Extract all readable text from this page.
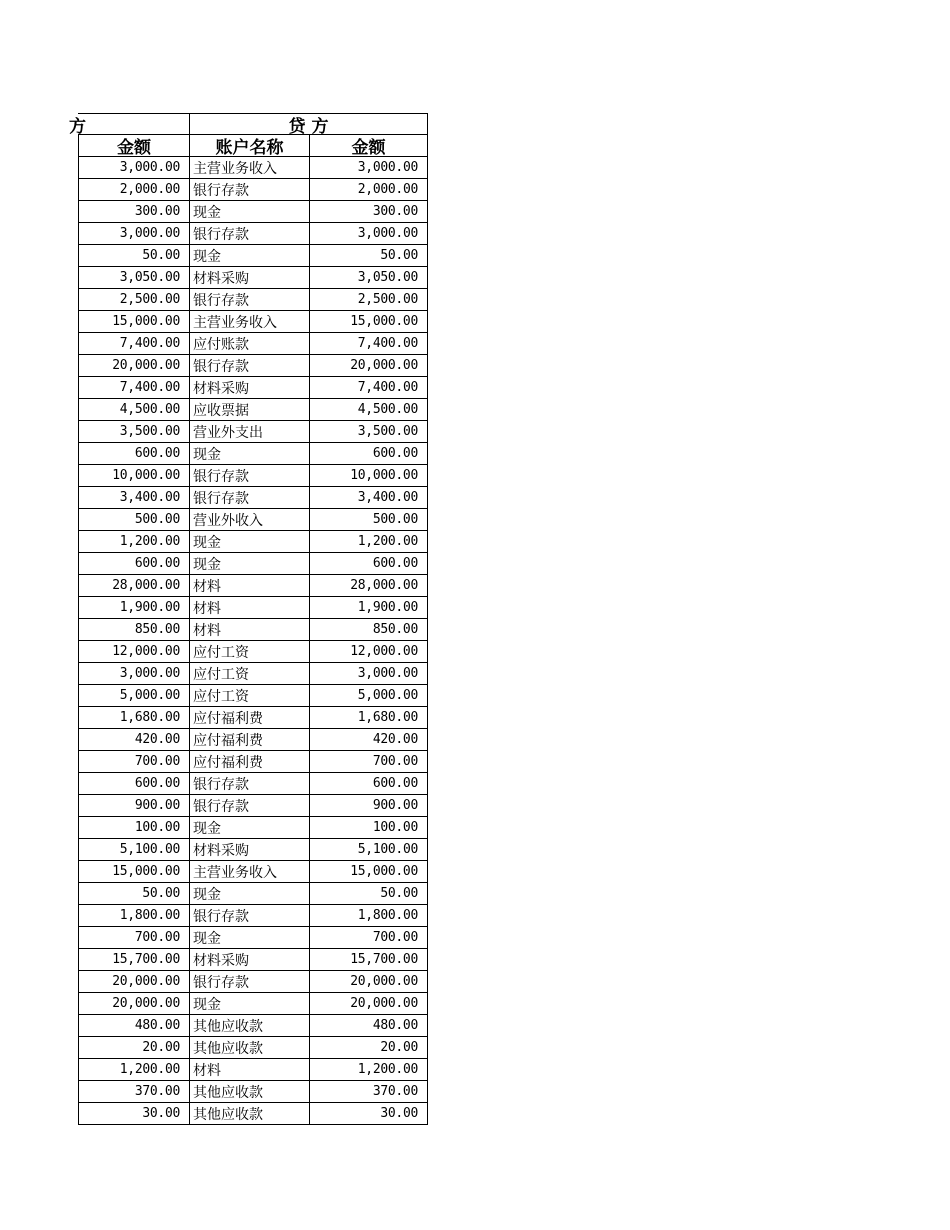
方	贷 方
金额	账户名称	金额
3,000.00 主营业务收入	3,000.00
2,000.00 银行存款	2,000.00
300.00 现金	300.00
3,000.00 银行存款	3,000.00
50.00 现金	50.00
3,050.00 材料采购	3,050.00
2,500.00 银行存款	2,500.00
15,000.00 主营业务收入	15,000.00
7,400.00 应付账款	7,400.00
20,000.00 银行存款	20,000.00
7,400.00 材料采购	7,400.00
4,500.00 应收票据	4,500.00
3,500.00 营业外支出	3,500.00
600.00 现金	600.00
10,000.00 银行存款	10,000.00
3,400.00 银行存款	3,400.00
500.00 营业外收入	500.00
1,200.00 现金	1,200.00
600.00 现金	600.00
28,000.00 材料	28,000.00
1,900.00 材料	1,900.00
850.00 材料	850.00
12,000.00 应付工资	12,000.00
3,000.00 应付工资	3,000.00
5,000.00 应付工资	5,000.00
1,680.00 应付福利费	1,680.00
420.00 应付福利费	420.00
700.00 应付福利费	700.00
600.00 银行存款	600.00
900.00 银行存款	900.00
100.00 现金	100.00
5,100.00 材料采购	5,100.00
15,000.00 主营业务收入	15,000.00
50.00 现金	50.00
1,800.00 银行存款	1,800.00
700.00 现金	700.00
15,700.00 材料采购	15,700.00
20,000.00 银行存款	20,000.00
20,000.00 现金	20,000.00
480.00 其他应收款	480.00
20.00 其他应收款	20.00
1,200.00 材料	1,200.00
370.00 其他应收款	370.00
30.00 其他应收款	30.00
